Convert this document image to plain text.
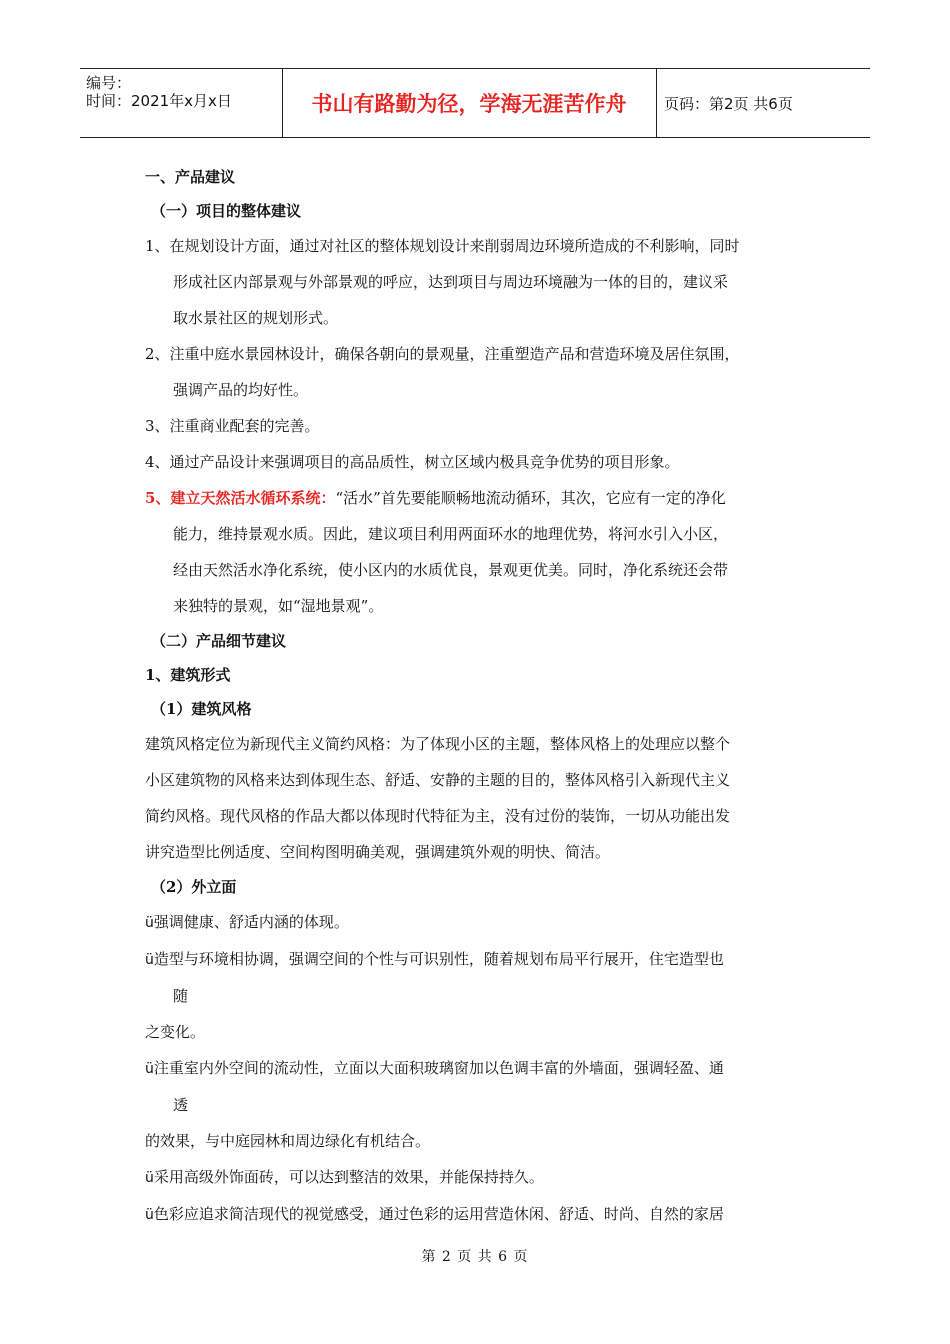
编号：
时间：2021年x月x日	书山有路勤为径，学海无涯苦作舟	页码：第2页 共6页

一、产品建议

（一）项目的整体建议

1、在规划设计方面，通过对社区的整体规划设计来削弱周边环境所造成的不利影响，同时

形成社区内部景观与外部景观的呼应，达到项目与周边环境融为一体的目的，建议采

取水景社区的规划形式。

2、注重中庭水景园林设计，确保各朝向的景观量，注重塑造产品和营造环境及居住氛围，

强调产品的均好性。

3、注重商业配套的完善。

4、通过产品设计来强调项目的高品质性，树立区域内极具竞争优势的项目形象。

5、建立天然活水循环系统：“活水”首先要能顺畅地流动循环，其次，它应有一定的净化

能力，维持景观水质。因此，建议项目利用两面环水的地理优势，将河水引入小区，

经由天然活水净化系统，使小区内的水质优良，景观更优美。同时，净化系统还会带

来独特的景观，如“湿地景观”。

（二）产品细节建议

1、建筑形式

（1）建筑风格

建筑风格定位为新现代主义简约风格：为了体现小区的主题，整体风格上的处理应以整个

小区建筑物的风格来达到体现生态、舒适、安静的主题的目的，整体风格引入新现代主义

简约风格。现代风格的作品大都以体现时代特征为主，没有过份的装饰，一切从功能出发

讲究造型比例适度、空间构图明确美观，强调建筑外观的明快、简洁。

（2）外立面

ü强调健康、舒适内涵的体现。

ü造型与环境相协调，强调空间的个性与可识别性，随着规划布局平行展开，住宅造型也

随

之变化。

ü注重室内外空间的流动性，立面以大面积玻璃窗加以色调丰富的外墙面，强调轻盈、通

透

的效果，与中庭园林和周边绿化有机结合。

ü采用高级外饰面砖，可以达到整洁的效果，并能保持持久。

ü色彩应追求简洁现代的视觉感受，通过色彩的运用营造休闲、舒适、时尚、自然的家居

第 2 页 共 6 页
